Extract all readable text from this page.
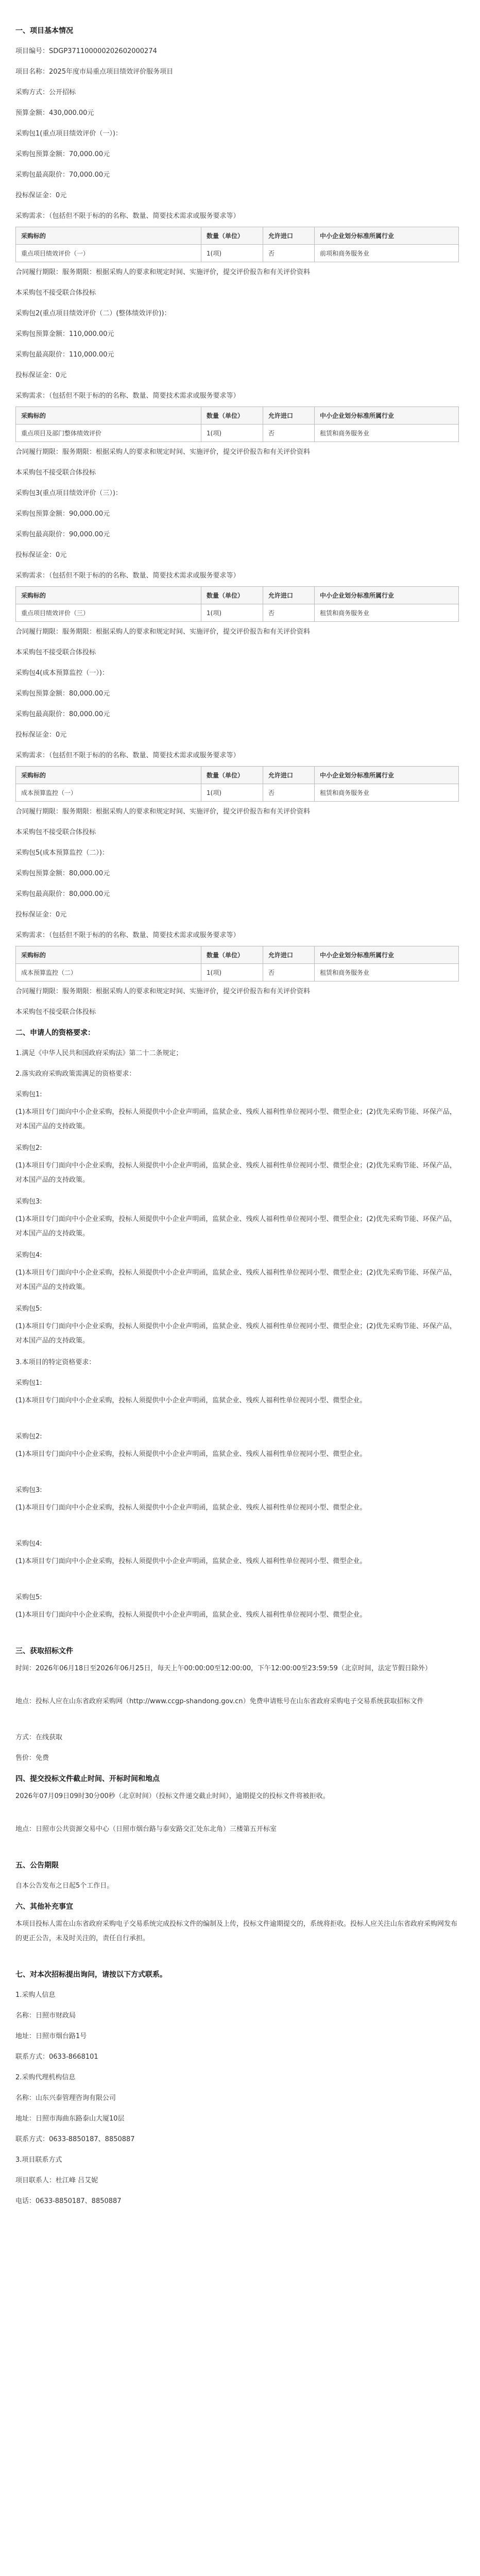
一、项目基本情况
项目编号：SDGP371100000202602000274
项目名称：2025年度市局重点项目绩效评价服务项目
采购方式：公开招标
预算金额：430,000.00元
采购包1(重点项目绩效评价（一）)：
采购包预算金额：70,000.00元
采购包最高限价：70,000.00元
投标保证金：0元
采购需求：（包括但不限于标的的名称、数量、简要技术需求或服务要求等）
采购标的	数量（单位）	允许进口	中小企业划分标准所属行业
重点项目绩效评价（一）	1(项)	否	前项和商务服务业
合同履行期限：服务期限：根据采购人的要求和规定时间、实施评价，提交评价报告和有关评价资料
本采购包不接受联合体投标
采购包2(重点项目绩效评价（二）(整体绩效评价))：
采购包预算金额：110,000.00元
采购包最高限价：110,000.00元
投标保证金：0元
采购需求：（包括但不限于标的的名称、数量、简要技术需求或服务要求等）
采购标的	数量（单位）	允许进口	中小企业划分标准所属行业
重点项目及部门整体绩效评价	1(项)	否	租赁和商务服务业
合同履行期限：服务期限：根据采购人的要求和规定时间、实施评价，提交评价报告和有关评价资料
本采购包不接受联合体投标
采购包3(重点项目绩效评价（三）)：
采购包预算金额：90,000.00元
采购包最高限价：90,000.00元
投标保证金：0元
采购需求：（包括但不限于标的的名称、数量、简要技术需求或服务要求等）
采购标的	数量（单位）	允许进口	中小企业划分标准所属行业
重点项目绩效评价（三）	1(项)	否	租赁和商务服务业
合同履行期限：服务期限：根据采购人的要求和规定时间、实施评价，提交评价报告和有关评价资料
本采购包不接受联合体投标
采购包4(成本预算监控（一）)：
采购包预算金额：80,000.00元
采购包最高限价：80,000.00元
投标保证金：0元
采购需求：（包括但不限于标的的名称、数量、简要技术需求或服务要求等）
采购标的	数量（单位）	允许进口	中小企业划分标准所属行业
成本预算监控（一）	1(项)	否	租赁和商务服务业
合同履行期限：服务期限：根据采购人的要求和规定时间、实施评价，提交评价报告和有关评价资料
本采购包不接受联合体投标
采购包5(成本预算监控（二）)：
采购包预算金额：80,000.00元
采购包最高限价：80,000.00元
投标保证金：0元
采购需求：（包括但不限于标的的名称、数量、简要技术需求或服务要求等）
采购标的	数量（单位）	允许进口	中小企业划分标准所属行业
成本预算监控（二）	1(项)	否	租赁和商务服务业
合同履行期限：服务期限：根据采购人的要求和规定时间、实施评价，提交评价报告和有关评价资料
本采购包不接受联合体投标
二、申请人的资格要求：
1.满足《中华人民共和国政府采购法》第二十二条规定；
2.落实政府采购政策需满足的资格要求：
采购包1:
(1)本项目专门面向中小企业采购，投标人须提供中小企业声明函，监狱企业、残疾人福利性单位视同小型、微型企业；(2)优先采购节能、环保产品，对本国产品的支持政策。
采购包2:
(1)本项目专门面向中小企业采购，投标人须提供中小企业声明函，监狱企业、残疾人福利性单位视同小型、微型企业；(2)优先采购节能、环保产品，对本国产品的支持政策。
采购包3:
(1)本项目专门面向中小企业采购，投标人须提供中小企业声明函，监狱企业、残疾人福利性单位视同小型、微型企业；(2)优先采购节能、环保产品，对本国产品的支持政策。
采购包4:
(1)本项目专门面向中小企业采购，投标人须提供中小企业声明函，监狱企业、残疾人福利性单位视同小型、微型企业；(2)优先采购节能、环保产品，对本国产品的支持政策。
采购包5:
(1)本项目专门面向中小企业采购，投标人须提供中小企业声明函，监狱企业、残疾人福利性单位视同小型、微型企业；(2)优先采购节能、环保产品，对本国产品的支持政策。
3.本项目的特定资格要求：
采购包1:
(1)本项目专门面向中小企业采购，投标人须提供中小企业声明函，监狱企业、残疾人福利性单位视同小型、微型企业。
采购包2:
(1)本项目专门面向中小企业采购，投标人须提供中小企业声明函，监狱企业、残疾人福利性单位视同小型、微型企业。
采购包3:
(1)本项目专门面向中小企业采购，投标人须提供中小企业声明函，监狱企业、残疾人福利性单位视同小型、微型企业。
采购包4:
(1)本项目专门面向中小企业采购，投标人须提供中小企业声明函，监狱企业、残疾人福利性单位视同小型、微型企业。
采购包5:
(1)本项目专门面向中小企业采购，投标人须提供中小企业声明函，监狱企业、残疾人福利性单位视同小型、微型企业。
三、获取招标文件
时间：2026年06月18日至2026年06月25日，每天上午00:00:00至12:00:00，下午12:00:00至23:59:59（北京时间，法定节假日除外）
地点：投标人应在山东省政府采购网（http://www.ccgp-shandong.gov.cn）免费申请账号在山东省政府采购电子交易系统获取招标文件
方式：在线获取
售价：免费
四、提交投标文件截止时间、开标时间和地点
2026年07月09日09时30分00秒（北京时间）（投标文件递交截止时间），逾期提交的投标文件将被拒收。
地点：日照市公共资源交易中心（日照市烟台路与泰安路交汇处东北角）三楼第五开标室
五、公告期限
自本公告发布之日起5个工作日。
六、其他补充事宜
本项目投标人需在山东省政府采购电子交易系统完成投标文件的编制及上传，投标文件逾期提交的，系统将拒收。投标人应关注山东省政府采购网发布的更正公告，未及时关注的，责任自行承担。
七、对本次招标提出询问，请按以下方式联系。
1.采购人信息
名称：日照市财政局
地址：日照市烟台路1号
联系方式：0633-8668101
2.采购代理机构信息
名称：山东兴泰管理咨询有限公司
地址：日照市海曲东路泰山大厦10层
联系方式：0633-8850187、8850887
3.项目联系方式
项目联系人：杜江峰 吕艾妮
电话：0633-8850187、8850887
